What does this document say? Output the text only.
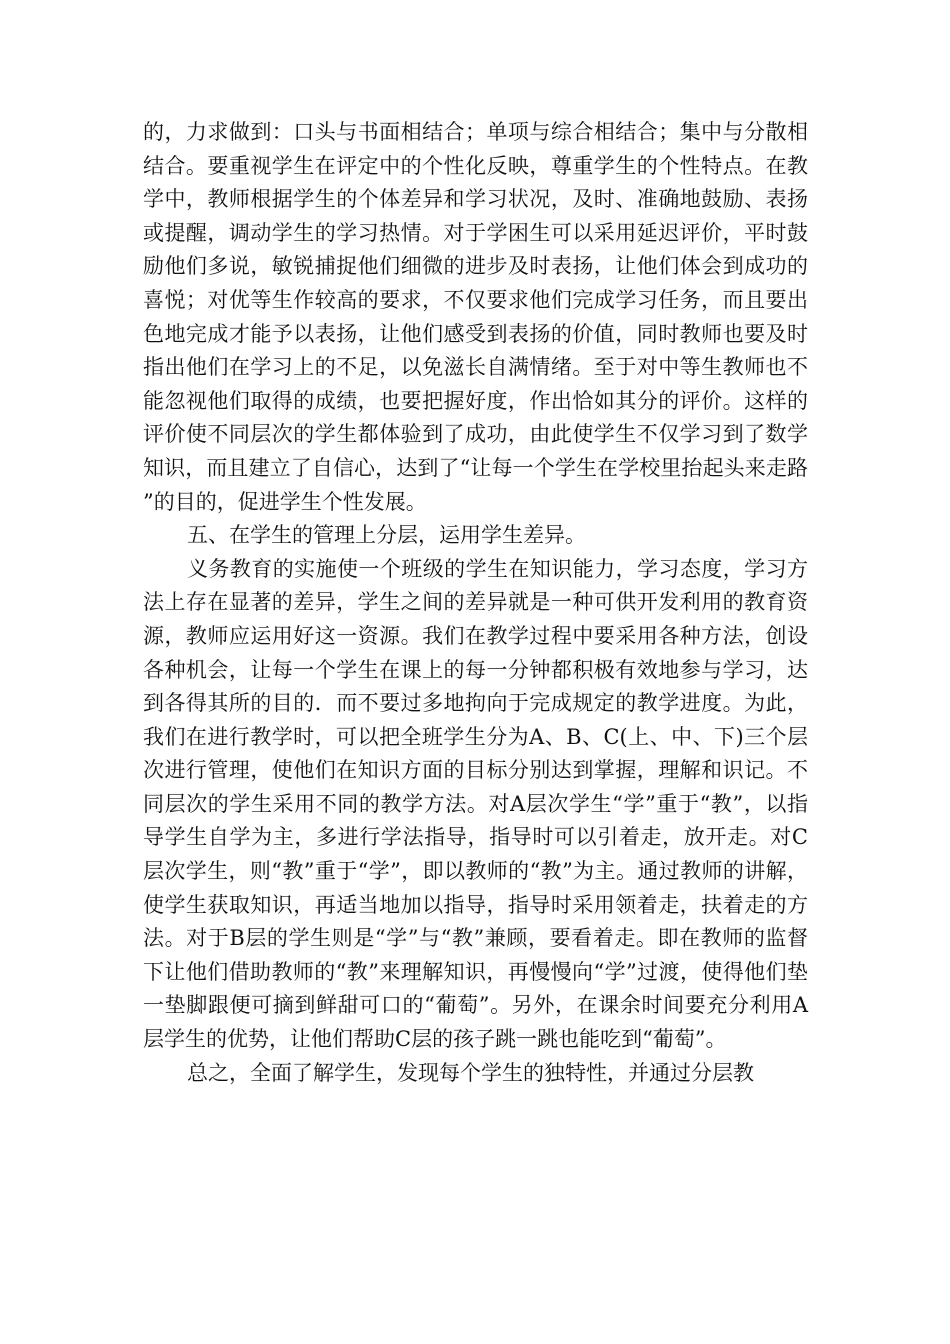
的，力求做到：口头与书面相结合；单项与综合相结合；集中与分散相结合。要重视学生在评定中的个性化反映，尊重学生的个性特点。在教学中，教师根据学生的个体差异和学习状况，及时、准确地鼓励、表扬或提醒，调动学生的学习热情。对于学困生可以采用延迟评价，平时鼓励他们多说，敏锐捕捉他们细微的进步及时表扬，让他们体会到成功的喜悦；对优等生作较高的要求，不仅要求他们完成学习任务，而且要出色地完成才能予以表扬，让他们感受到表扬的价值，同时教师也要及时指出他们在学习上的不足，以免滋长自满情绪。至于对中等生教师也不能忽视他们取得的成绩，也要把握好度，作出恰如其分的评价。这样的评价使不同层次的学生都体验到了成功，由此使学生不仅学习到了数学知识，而且建立了自信心，达到了“让每一个学生在学校里抬起头来走路”的目的，促进学生个性发展。

五、在学生的管理上分层，运用学生差异。

义务教育的实施使一个班级的学生在知识能力，学习态度，学习方法上存在显著的差异，学生之间的差异就是一种可供开发利用的教育资源，教师应运用好这一资源。我们在教学过程中要采用各种方法，创设各种机会，让每一个学生在课上的每一分钟都积极有效地参与学习，达到各得其所的目的．而不要过多地拘向于完成规定的教学进度。为此，我们在进行教学时，可以把全班学生分为A、B、C(上、中、下)三个层次进行管理，使他们在知识方面的目标分别达到掌握，理解和识记。不同层次的学生采用不同的教学方法。对A层次学生“学”重于“教”，以指导学生自学为主，多进行学法指导，指导时可以引着走，放开走。对C层次学生，则“教”重于“学”，即以教师的“教”为主。通过教师的讲解，使学生获取知识，再适当地加以指导，指导时采用领着走，扶着走的方法。对于B层的学生则是“学”与“教”兼顾，要看着走。即在教师的监督下让他们借助教师的“教”来理解知识，再慢慢向“学”过渡，使得他们垫一垫脚跟便可摘到鲜甜可口的“葡萄”。另外，在课余时间要充分利用A层学生的优势，让他们帮助C层的孩子跳一跳也能吃到“葡萄”。

总之，全面了解学生，发现每个学生的独特性，并通过分层教
